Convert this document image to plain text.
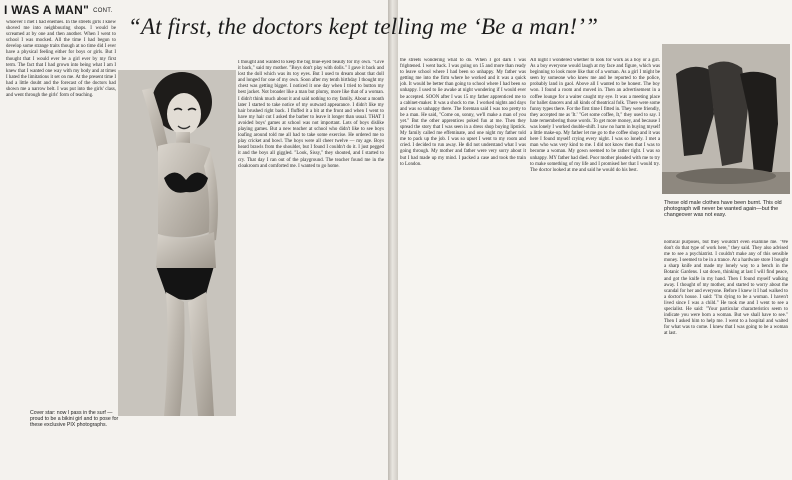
I WAS A MAN" CONT.
“At first, the doctors kept telling me ‘Be a man!’”

whoever I met I had enemies. In the streets girls I knew shoved me into neighbouring shops. I would be screamed at by one and then another. When I went to school I was mocked. All the time I had begun to develop some strange traits though at no time did I ever have a physical feeling either for boys or girls. But I thought that I would ever be a girl ever by my first term. The fact that I had grown into being what I am I knew that I wanted one way with my body and at times I hated the limitations it set on me. At the present time I had a little doubt and the forecast of the doctors had shown me a narrow belt. I was put into the girls' class, and went through the girls' form of teaching.

Cover star: now I pass in the surf — proud to be a bikini girl and to pose for these exclusive PIX photographs.

I thought and wanted to keep the big blue-eyed beauty for my own. "Give it back," said my mother. "Boys don't play with dolls." I gave it back and lost the doll which was its toy eyes. But I used to dream about that doll and longed for one of my own. Soon after my tenth birthday I thought my chest was getting bigger. I noticed it one day when I tried to button my best jacket. Not broader like a man but plumy, more like that of a woman. I didn't think much about it and said nothing to my family. About a month later I started to take notice of my outward appearance. I didn't like my hair brushed right back. I fluffed it a bit at the front and when I went to have my hair cut I asked the barber to leave it longer than usual. THAT I avoided boys' games at school was not important. Lots of boys dislike playing games. But a new teacher at school who didn't like to see boys loafing around told me all had to take some exercise. He ordered me to play cricket and bowl. The boys were all cheer twelve — my age. Boys heard brawls from the shoulder, but I found I couldn't do it. I just pegged it and the boys all giggled. "Look, Sissy," they shouted, and I started to cry. That day I ran out of the playground. The teacher found me in the cloakroom and comforted me. I wanted to go home.

the streets wondering what to do. When I got dark I was frightened. I went back. I was going on 15 and more than ready to leave school where I had been so unhappy. My father was getting me into the firm where he worked and it was a quick job. It would be better than going to school where I had been so unhappy. I used to lie awake at night wondering if I would ever be accepted. SOON after I was 15 my father apprenticed me to a cabinet-maker. It was a shock to me. I worked nights and days and was so unhappy there. The foreman said I was too pretty to be a man. He said, "Come on, sonny, we'll make a man of you yet." But the other apprentices poked fun at me. Then they spread the story that I was seen in a dress shop buying lipstick. My family called me effeminate, and one night my father told me to pack up the job. I was so upset I went to my room and cried. I decided to run away. He did not understand what I was going through. My mother and father were very sorry about it but I had made up my mind. I packed a case and took the train to London.

All night I wondered whether to look for work as a boy or a girl. As a boy everyone would laugh at my face and figure, which was beginning to look more like that of a woman. As a girl I might be seen by someone who knew me and be reported to the police, probably land in gaol. Above all I wanted to be honest. The boy won. I found a room and moved in. Then an advertisement in a coffee lounge for a waiter caught my eye. It was a meeting place for ballet dancers and all kinds of theatrical folk. There were some funny types there. For the first time I fitted in. They were friendly, they accepted me as 'It.' "Get some coffee, It," they used to say. I hate remembering those words. To get more money, and because I was lonely I worked double-shift. I saw no harm in buying myself a little make-up. My father let me go to the coffee shop and it was here I found myself crying every night. I was so lonely. I met a man who was very kind to me. I did not know then that I was to become a woman. My gown seemed to be rather tight. I was so unhappy. MY father had died. Poor mother pleaded with me to try to make something of my life and I promised her that I would try. The doctor looked at me and said he would do his best.

These old male clothes have been burnt. This old photograph will never be wanted again—but the changeover was not easy.

nomical purposes, but they wouldn't even examine me. "We don't do that type of work here," they said. They also advised me to see a psychiatrist. I couldn't make any of this sensible money. I seemed to be in a trance. At a hardware store I bought a sharp knife and made my lonely way to a bench in the Botanic Gardens. I sat down, thinking at last I will find peace, and got the knife in my hand. Then I found myself walking away. I thought of my mother, and started to worry about the scandal for her and everyone. Before I knew it I had walked to a doctor's house. I said: "I'm dying to be a woman. I haven't lived since I was a child." He took me and I went to see a specialist. He said: "Your particular characteristics seem to indicate you were born a woman. But we shall have to see." Then I asked him to help me. I went to a hospital and waited for what was to come. I knew that I was going to be a woman at last.
